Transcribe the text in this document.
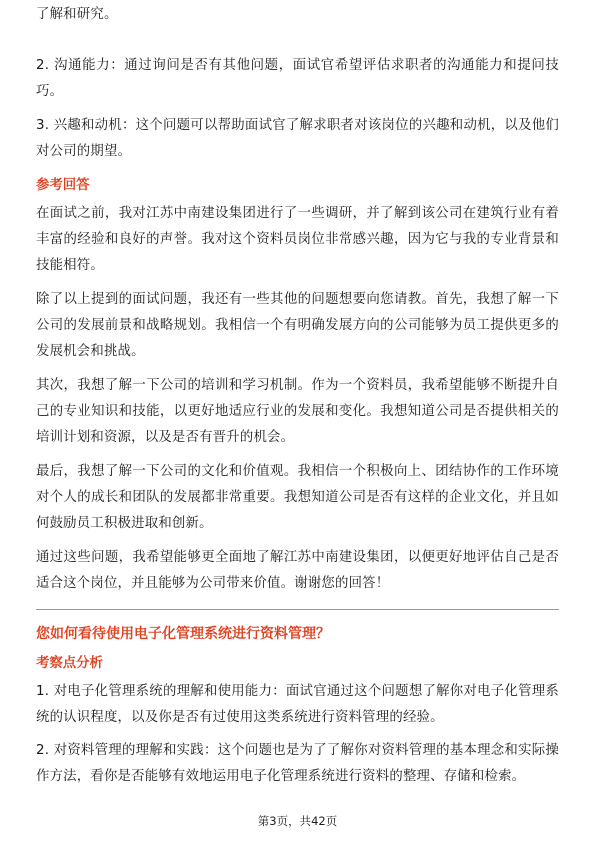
了解和研究。

2. 沟通能力：通过询问是否有其他问题，面试官希望评估求职者的沟通能力和提问技巧。

3. 兴趣和动机：这个问题可以帮助面试官了解求职者对该岗位的兴趣和动机，以及他们对公司的期望。

参考回答

在面试之前，我对江苏中南建设集团进行了一些调研，并了解到该公司在建筑行业有着丰富的经验和良好的声誉。我对这个资料员岗位非常感兴趣，因为它与我的专业背景和技能相符。

除了以上提到的面试问题，我还有一些其他的问题想要向您请教。首先，我想了解一下公司的发展前景和战略规划。我相信一个有明确发展方向的公司能够为员工提供更多的发展机会和挑战。

其次，我想了解一下公司的培训和学习机制。作为一个资料员，我希望能够不断提升自己的专业知识和技能，以更好地适应行业的发展和变化。我想知道公司是否提供相关的培训计划和资源，以及是否有晋升的机会。

最后，我想了解一下公司的文化和价值观。我相信一个积极向上、团结协作的工作环境对个人的成长和团队的发展都非常重要。我想知道公司是否有这样的企业文化，并且如何鼓励员工积极进取和创新。

通过这些问题，我希望能够更全面地了解江苏中南建设集团，以便更好地评估自己是否适合这个岗位，并且能够为公司带来价值。谢谢您的回答！

您如何看待使用电子化管理系统进行资料管理？

考察点分析

1. 对电子化管理系统的理解和使用能力：面试官通过这个问题想了解你对电子化管理系统的认识程度，以及你是否有过使用这类系统进行资料管理的经验。

2. 对资料管理的理解和实践：这个问题也是为了了解你对资料管理的基本理念和实际操作方法，看你是否能够有效地运用电子化管理系统进行资料的整理、存储和检索。

第3页，共42页
